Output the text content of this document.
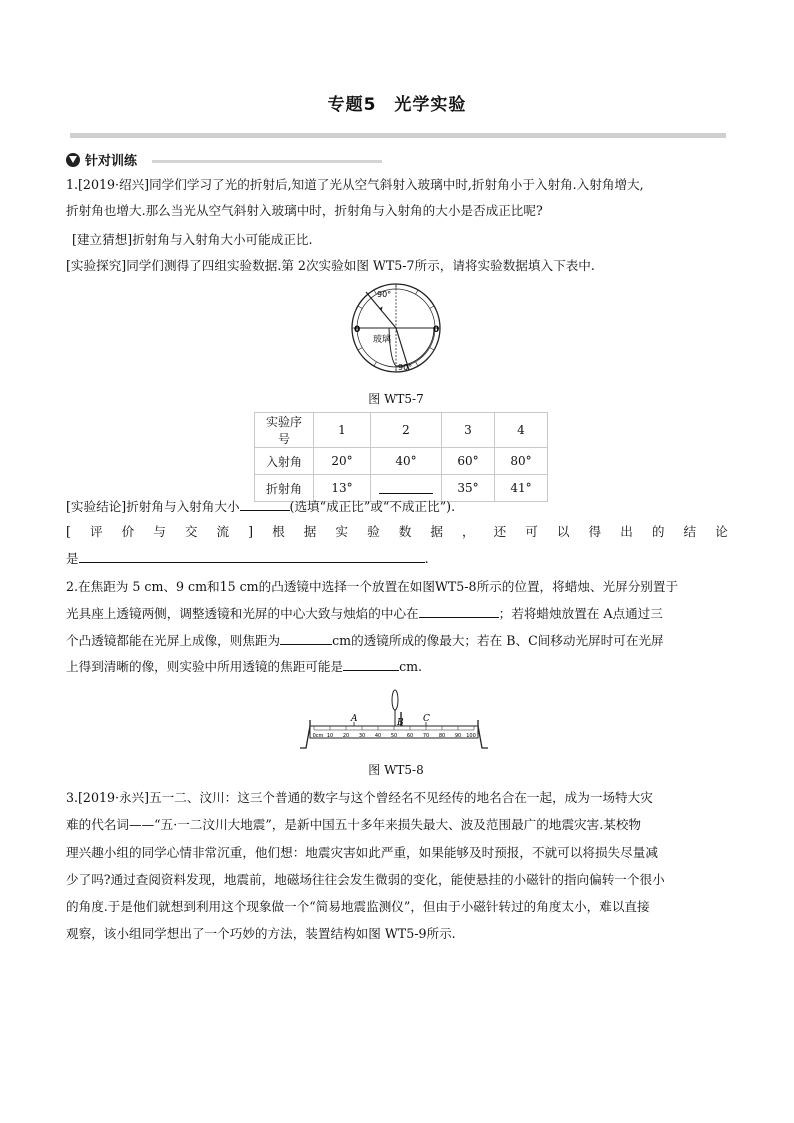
专题5　光学实验
针对训练
1.[2019·绍兴]同学们学习了光的折射后,知道了光从空气斜射入玻璃中时,折射角小于入射角.入射角增大,
折射角也增大.那么当光从空气斜射入玻璃中时，折射角与入射角的大小是否成正比呢?
[建立猜想]折射角与入射角大小可能成正比.
[实验探究]同学们测得了四组实验数据.第 2次实验如图 WT5-7所示，请将实验数据填入下表中.
90°
90°
0	0
玻璃
图 WT5-7
实验序号	1	2	3	4
入射角	20°	40°	60°	80°
折射角	13°		35°	41°
[实验结论]折射角与入射角大小	(选填“成正比”或“不成正比”).
[ 评 价 与 交 流 ] 根 据 实 验 数 据 ， 还 可 以 得 出 的 结 论
是	.
2.在焦距为 5 cm、9 cm和15 cm的凸透镜中选择一个放置在如图WT5-8所示的位置，将蜡烛、光屏分别置于
光具座上透镜两侧，调整透镜和光屏的中心大致与烛焰的中心在	；若将蜡烛放置在 A点通过三
个凸透镜都能在光屏上成像，则焦距为	cm的透镜所成的像最大；若在 B、C间移动光屏时可在光屏
上得到清晰的像，则实验中所用透镜的焦距可能是	cm.
0cm 10 20 30 40 50 60 70 80 90 100
A	B C
图 WT5-8
3.[2019·永兴]五一二、汶川：这三个普通的数字与这个曾经名不见经传的地名合在一起，成为一场特大灾
难的代名词——“五·一二汶川大地震”，是新中国五十多年来损失最大、波及范围最广的地震灾害.某校物
理兴趣小组的同学心情非常沉重，他们想：地震灾害如此严重，如果能够及时预报，不就可以将损失尽量减
少了吗?通过查阅资料发现，地震前，地磁场往往会发生微弱的变化，能使悬挂的小磁针的指向偏转一个很小
的角度.于是他们就想到利用这个现象做一个“简易地震监测仪”，但由于小磁针转过的角度太小，难以直接
观察，该小组同学想出了一个巧妙的方法，装置结构如图 WT5-9所示.
